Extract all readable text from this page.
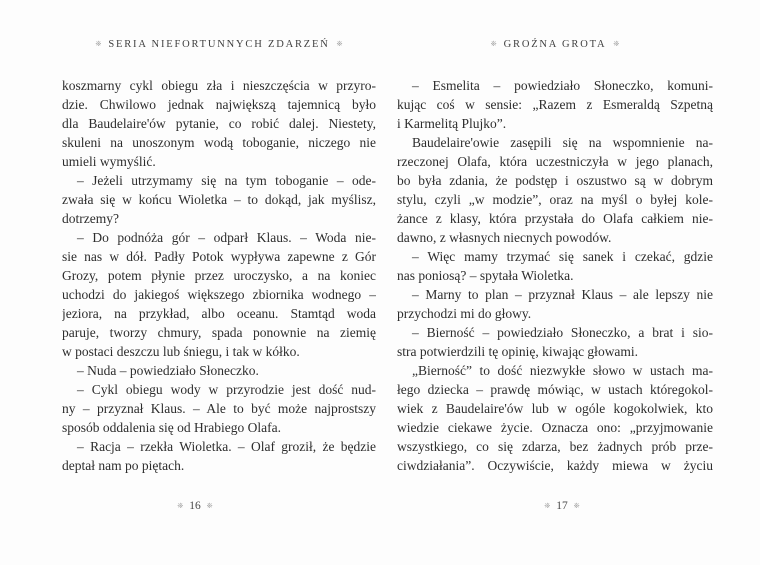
❊ SERIA NIEFORTUNNYCH ZDARZEŃ ❊	❊ GROŹNA GROTA ❊
koszmarny cykl obiegu zła i nieszczęścia w przyro-
dzie. Chwilowo jednak największą tajemnicą było
dla Baudelaire'ów pytanie, co robić dalej. Niestety,
skuleni na unoszonym wodą toboganie, niczego nie
umieli wymyślić.
– Jeżeli utrzymamy się na tym toboganie – ode-
zwała się w końcu Wioletka – to dokąd, jak myślisz,
dotrzemy?
– Do podnóża gór – odparł Klaus. – Woda nie-
sie nas w dół. Padły Potok wypływa zapewne z Gór
Grozy, potem płynie przez uroczysko, a na koniec
uchodzi do jakiegoś większego zbiornika wodnego –
jeziora, na przykład, albo oceanu. Stamtąd woda
paruje, tworzy chmury, spada ponownie na ziemię
w postaci deszczu lub śniegu, i tak w kółko.
– Nuda – powiedziało Słoneczko.
– Cykl obiegu wody w przyrodzie jest dość nud-
ny – przyznał Klaus. – Ale to być może najprostszy
sposób oddalenia się od Hrabiego Olafa.
– Racja – rzekła Wioletka. – Olaf groził, że będzie
deptał nam po piętach.
– Esmelita – powiedziało Słoneczko, komuni-
kując coś w sensie: „Razem z Esmeraldą Szpetną
i Karmelitą Plujko”.
Baudelaire'owie zasępili się na wspomnienie na-
rzeczonej Olafa, która uczestniczyła w jego planach,
bo była zdania, że podstęp i oszustwo są w dobrym
stylu, czyli „w modzie”, oraz na myśl o byłej kole-
żance z klasy, która przystała do Olafa całkiem nie-
dawno, z własnych niecnych powodów.
– Więc mamy trzymać się sanek i czekać, gdzie
nas poniosą? – spytała Wioletka.
– Marny to plan – przyznał Klaus – ale lepszy nie
przychodzi mi do głowy.
– Bierność – powiedziało Słoneczko, a brat i sio-
stra potwierdzili tę opinię, kiwając głowami.
„Bierność” to dość niezwykłe słowo w ustach ma-
łego dziecka – prawdę mówiąc, w ustach któregokol-
wiek z Baudelaire'ów lub w ogóle kogokolwiek, kto
wiedzie ciekawe życie. Oznacza ono: „przyjmowanie
wszystkiego, co się zdarza, bez żadnych prób prze-
ciwdziałania”. Oczywiście, każdy miewa w życiu
❊ 16 ❊	❊ 17 ❊
